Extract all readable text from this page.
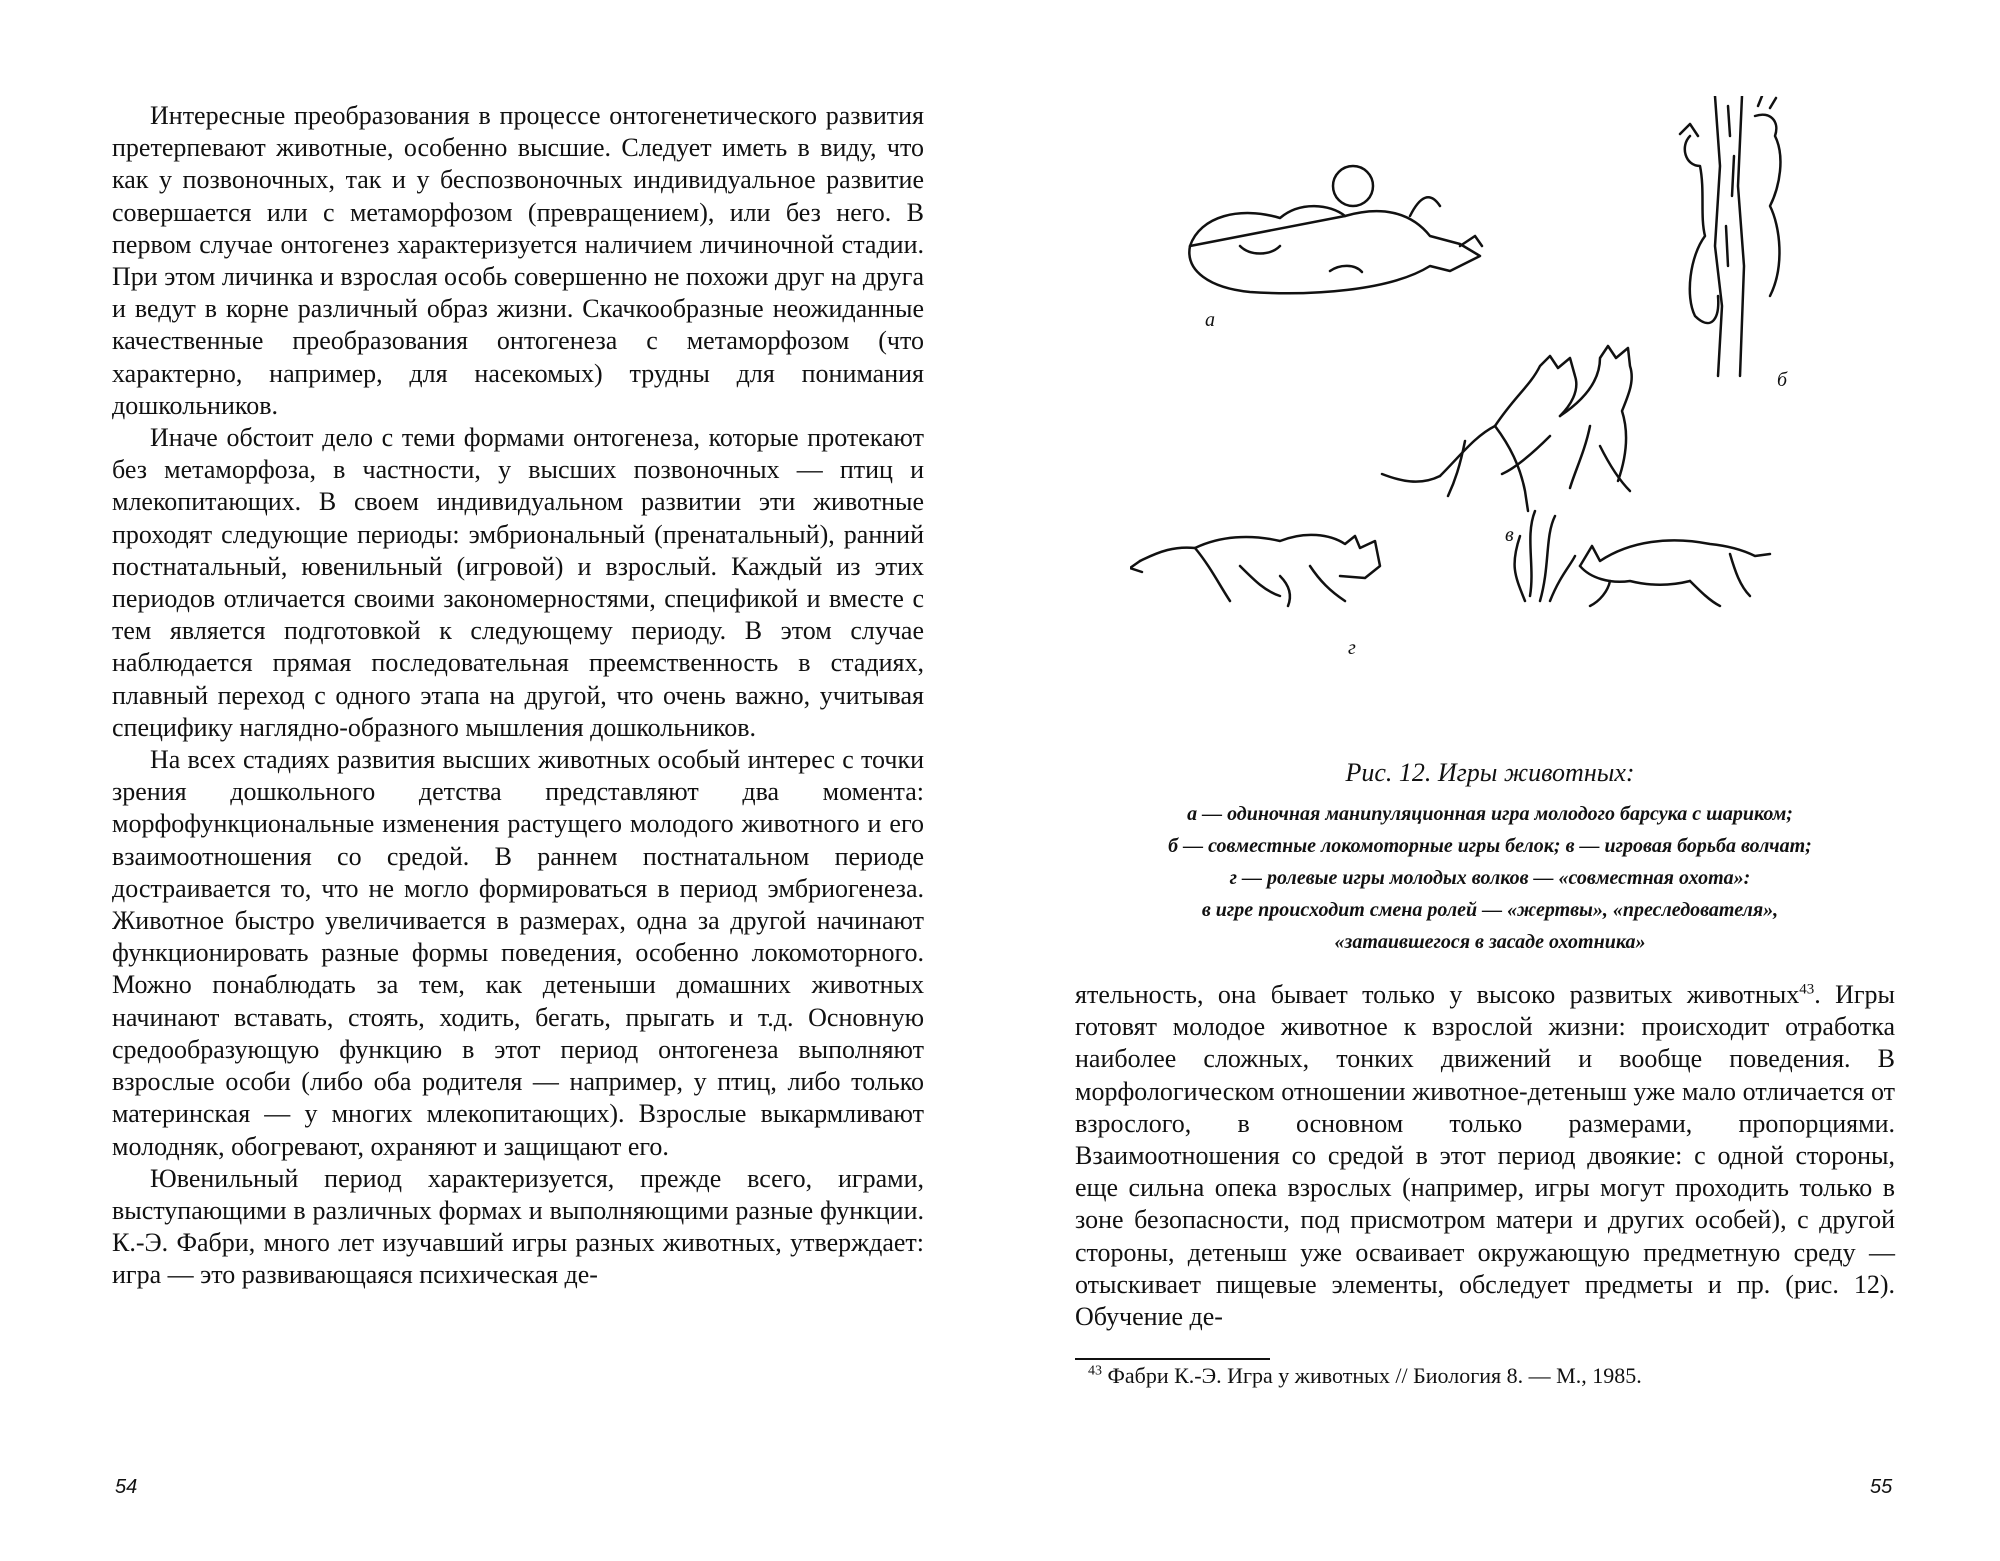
Интересные преобразования в процессе онтогенетического развития претерпевают животные, особенно высшие. Следует иметь в виду, что как у позвоночных, так и у беспозвоночных индивидуальное развитие совершается или с метаморфозом (превращением), или без него. В первом случае онтогенез характеризуется наличием личиночной стадии. При этом личинка и взрослая особь совершенно не похожи друг на друга и ведут в корне различный образ жизни. Скачкообразные неожиданные качественные преобразования онтогенеза с метаморфозом (что характерно, например, для насекомых) трудны для понимания дошкольников.

Иначе обстоит дело с теми формами онтогенеза, которые протекают без метаморфоза, в частности, у высших позвоночных — птиц и млекопитающих. В своем индивидуальном развитии эти животные проходят следующие периоды: эмбриональный (пренатальный), ранний постнатальный, ювенильный (игровой) и взрослый. Каждый из этих периодов отличается своими закономерностями, спецификой и вместе с тем является подготовкой к следующему периоду. В этом случае наблюдается прямая последовательная преемственность в стадиях, плавный переход с одного этапа на другой, что очень важно, учитывая специфику наглядно-образного мышления дошкольников.

На всех стадиях развития высших животных особый интерес с точки зрения дошкольного детства представляют два момента: морфофункциональные изменения растущего молодого животного и его взаимоотношения со средой. В раннем постнатальном периоде достраивается то, что не могло формироваться в период эмбриогенеза. Животное быстро увеличивается в размерах, одна за другой начинают функционировать разные формы поведения, особенно локомоторного. Можно понаблюдать за тем, как детеныши домашних животных начинают вставать, стоять, ходить, бегать, прыгать и т.д. Основную средообразующую функцию в этот период онтогенеза выполняют взрослые особи (либо оба родителя — например, у птиц, либо только материнская — у многих млекопитающих). Взрослые выкармливают молодняк, обогревают, охраняют и защищают его.

Ювенильный период характеризуется, прежде всего, играми, выступающими в различных формах и выполняющими разные функции. К.-Э. Фабри, много лет изучавший игры разных животных, утверждает: игра — это развивающаяся психическая де-

54
а
б
в
г
Рис. 12. Игры животных:
а — одиночная манипуляционная игра молодого барсука с шариком;
б — совместные локомоторные игры белок; в — игровая борьба волчат;
г — ролевые игры молодых волков — «совместная охота»:
в игре происходит смена ролей — «жертвы», «преследователя»,
«затаившегося в засаде охотника»

ятельность, она бывает только у высоко развитых животных$^{43}$. Игры готовят молодое животное к взрослой жизни: происходит отработка наиболее сложных, тонких движений и вообще поведения. В морфологическом отношении животное-детеныш уже мало отличается от взрослого, в основном только размерами, пропорциями. Взаимоотношения со средой в этот период двоякие: с одной стороны, еще сильна опека взрослых (например, игры могут проходить только в зоне безопасности, под присмотром матери и других особей), с другой стороны, детеныш уже осваивает окружающую предметную среду — отыскивает пищевые элементы, обследует предметы и пр. (рис. 12). Обучение де-

$^{43}$ Фабри К.-Э. Игра у животных // Биология 8. — М., 1985.
55
